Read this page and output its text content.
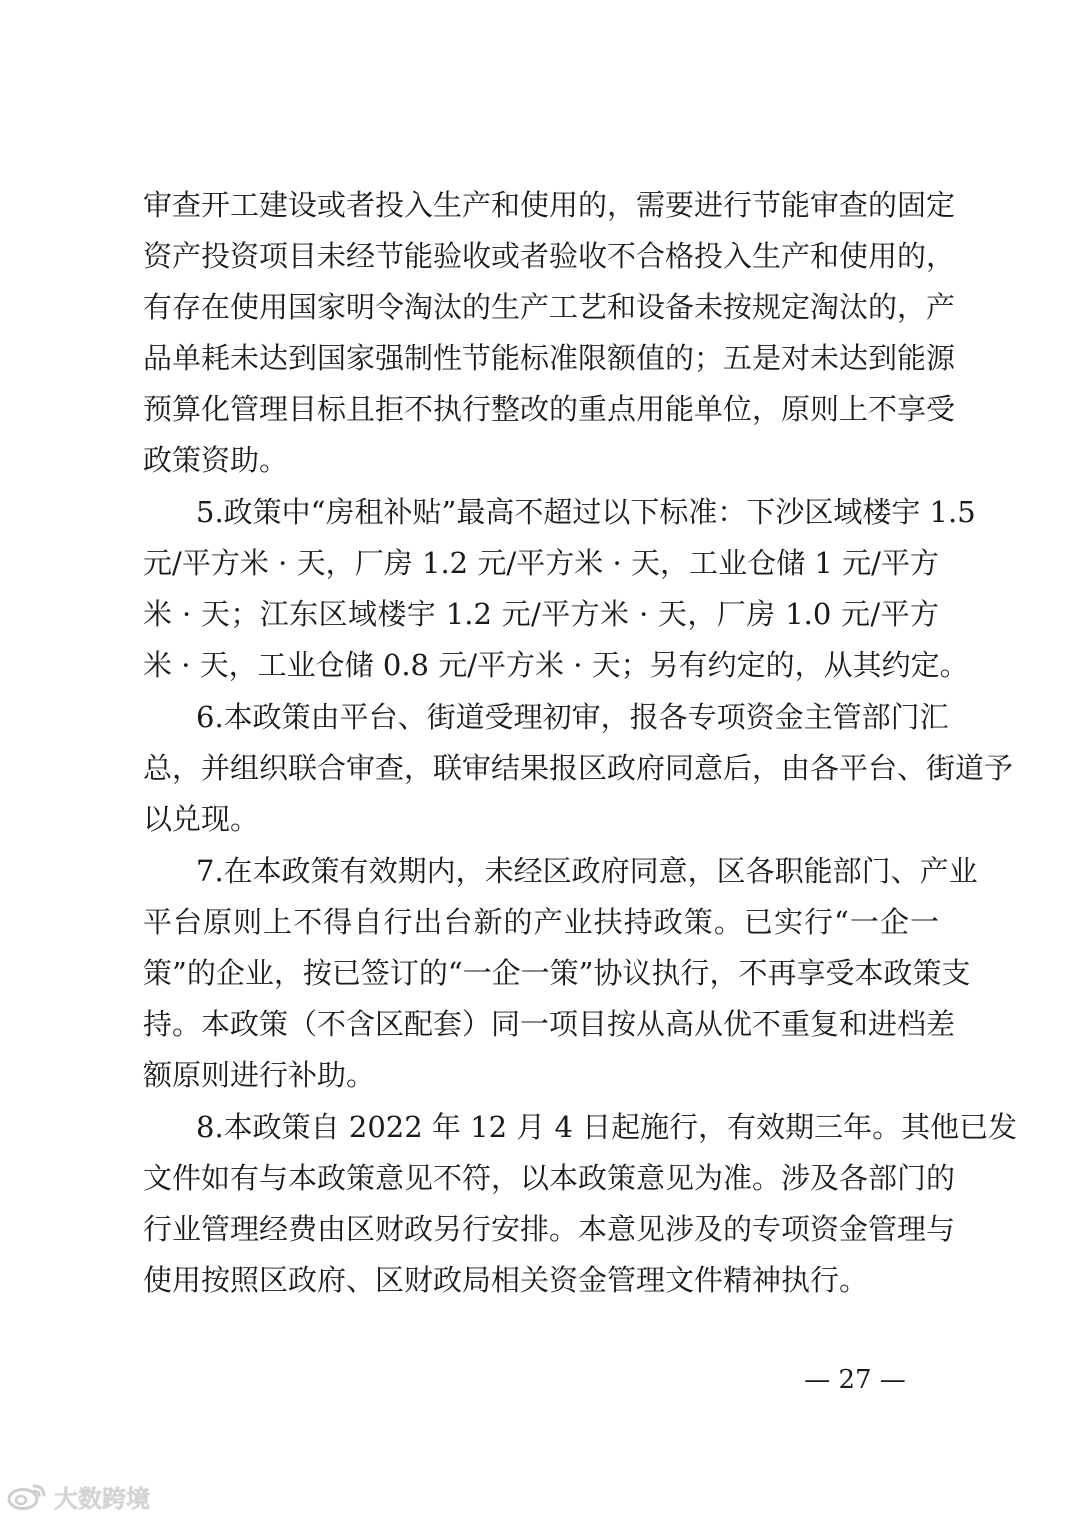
审查开工建设或者投入生产和使用的，需要进行节能审查的固定
资产投资项目未经节能验收或者验收不合格投入生产和使用的，
有存在使用国家明令淘汰的生产工艺和设备未按规定淘汰的，产
品单耗未达到国家强制性节能标准限额值的；五是对未达到能源
预算化管理目标且拒不执行整改的重点用能单位，原则上不享受
政策资助。
5.政策中“房租补贴”最高不超过以下标准：下沙区域楼宇 1.5
元/平方米 · 天，厂房 1.2 元/平方米 · 天，工业仓储 1 元/平方
米 · 天；江东区域楼宇 1.2 元/平方米 · 天，厂房 1.0 元/平方
米 · 天，工业仓储 0.8 元/平方米 · 天；另有约定的，从其约定。
6.本政策由平台、街道受理初审，报各专项资金主管部门汇
总，并组织联合审查，联审结果报区政府同意后，由各平台、街道予
以兑现。
7.在本政策有效期内，未经区政府同意，区各职能部门、产业
平台原则上不得自行出台新的产业扶持政策。已实行“一企一
策”的企业，按已签订的“一企一策”协议执行，不再享受本政策支
持。本政策（不含区配套）同一项目按从高从优不重复和进档差
额原则进行补助。
8.本政策自 2022 年 12 月 4 日起施行，有效期三年。其他已发
文件如有与本政策意见不符，以本政策意见为准。涉及各部门的
行业管理经费由区财政另行安排。本意见涉及的专项资金管理与
使用按照区政府、区财政局相关资金管理文件精神执行。
— 27 —
大数跨境
